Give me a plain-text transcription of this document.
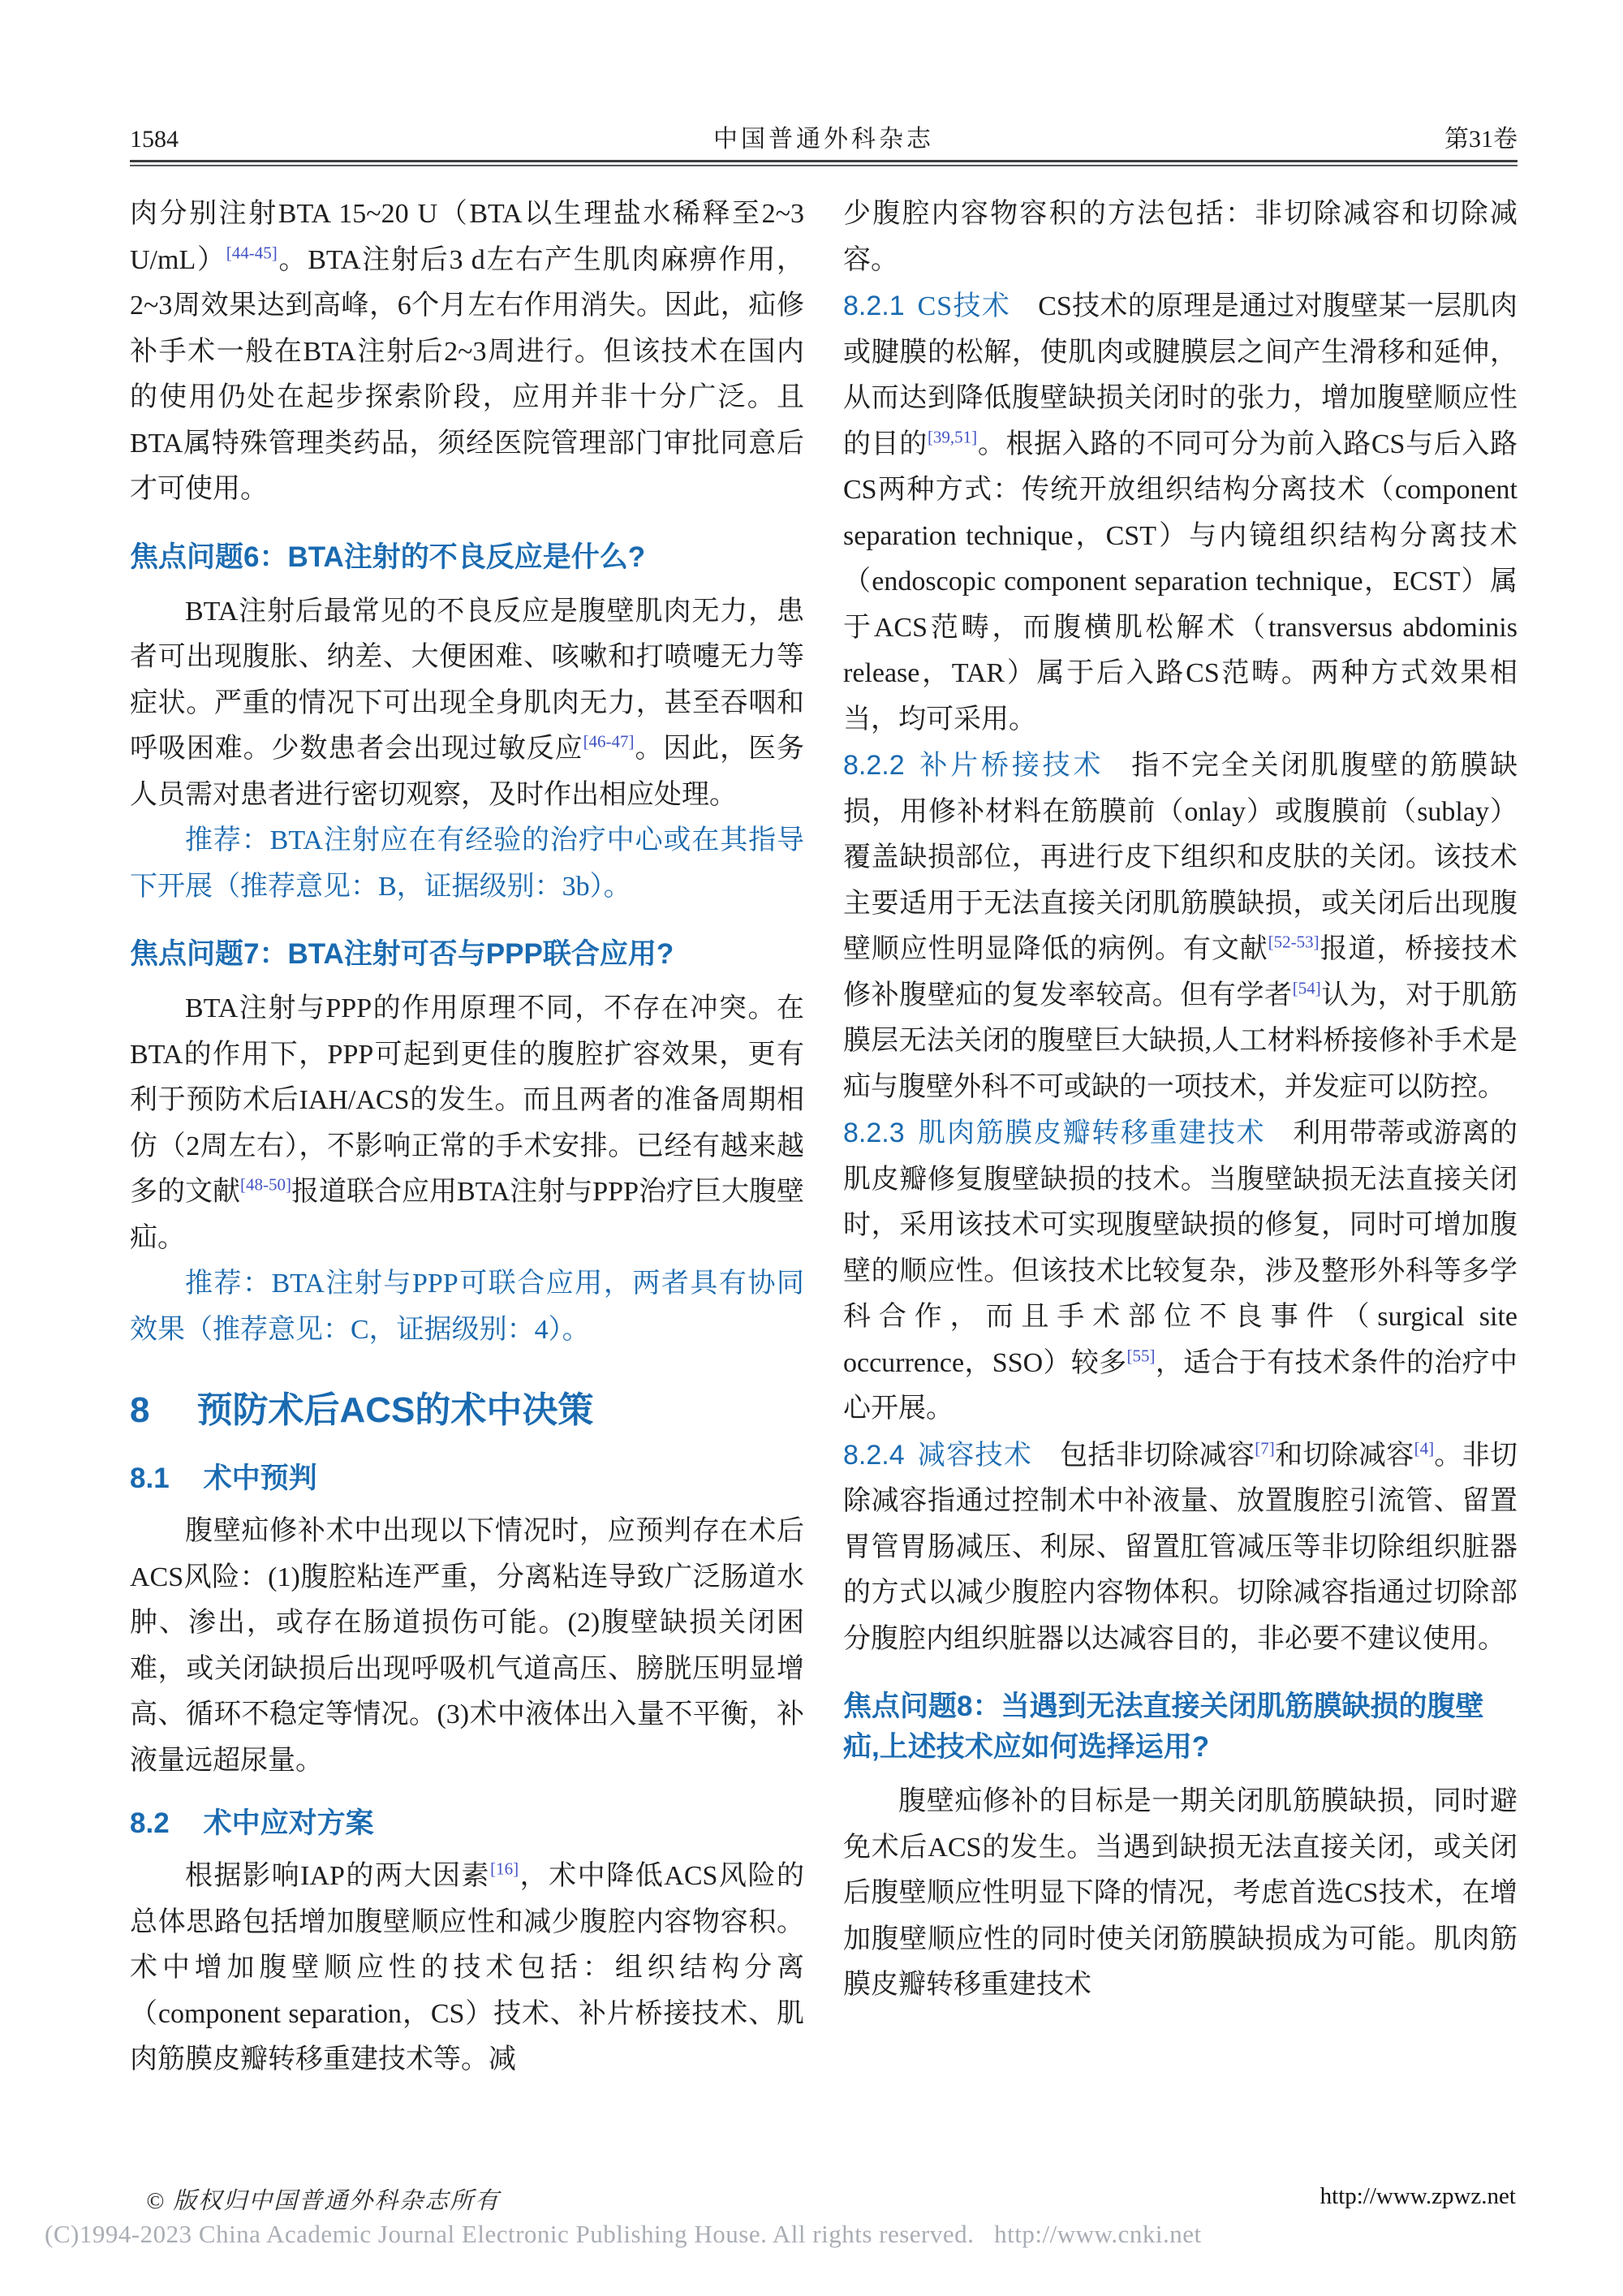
1584	中国普通外科杂志	第31卷

肉分别注射BTA 15~20 U（BTA以生理盐水稀释至2~3 U/mL）[44-45]。BTA注射后3 d左右产生肌肉麻痹作用，2~3周效果达到高峰，6个月左右作用消失。因此，疝修补手术一般在BTA注射后2~3周进行。但该技术在国内的使用仍处在起步探索阶段，应用并非十分广泛。且BTA属特殊管理类药品，须经医院管理部门审批同意后才可使用。

焦点问题6：BTA注射的不良反应是什么?

BTA注射后最常见的不良反应是腹壁肌肉无力，患者可出现腹胀、纳差、大便困难、咳嗽和打喷嚏无力等症状。严重的情况下可出现全身肌肉无力，甚至吞咽和呼吸困难。少数患者会出现过敏反应[46-47]。因此，医务人员需对患者进行密切观察，及时作出相应处理。

推荐：BTA注射应在有经验的治疗中心或在其指导下开展（推荐意见：B，证据级别：3b）。

焦点问题7：BTA注射可否与PPP联合应用?

BTA注射与PPP的作用原理不同，不存在冲突。在BTA的作用下，PPP可起到更佳的腹腔扩容效果，更有利于预防术后IAH/ACS的发生。而且两者的准备周期相仿（2周左右），不影响正常的手术安排。已经有越来越多的文献[48-50]报道联合应用BTA注射与PPP治疗巨大腹壁疝。

推荐：BTA注射与PPP可联合应用，两者具有协同效果（推荐意见：C，证据级别：4）。

8 预防术后ACS的术中决策
8.1 术中预判

腹壁疝修补术中出现以下情况时，应预判存在术后ACS风险：(1)腹腔粘连严重，分离粘连导致广泛肠道水肿、渗出，或存在肠道损伤可能。(2)腹壁缺损关闭困难，或关闭缺损后出现呼吸机气道高压、膀胱压明显增高、循环不稳定等情况。(3)术中液体出入量不平衡，补液量远超尿量。

8.2 术中应对方案

根据影响IAP的两大因素[16]，术中降低ACS风险的总体思路包括增加腹壁顺应性和减少腹腔内容物容积。术中增加腹壁顺应性的技术包括：组织结构分离（component separation，CS）技术、补片桥接技术、肌肉筋膜皮瓣转移重建技术等。减

少腹腔内容物容积的方法包括：非切除减容和切除减容。

8.2.1 CS技术 CS技术的原理是通过对腹壁某一层肌肉或腱膜的松解，使肌肉或腱膜层之间产生滑移和延伸，从而达到降低腹壁缺损关闭时的张力，增加腹壁顺应性的目的[39,51]。根据入路的不同可分为前入路CS与后入路CS两种方式：传统开放组织结构分离技术（component separation technique，CST）与内镜组织结构分离技术（endoscopic component separation technique，ECST）属于ACS范畴，而腹横肌松解术（transversus abdominis release，TAR）属于后入路CS范畴。两种方式效果相当，均可采用。

8.2.2 补片桥接技术 指不完全关闭肌腹壁的筋膜缺损，用修补材料在筋膜前（onlay）或腹膜前（sublay）覆盖缺损部位，再进行皮下组织和皮肤的关闭。该技术主要适用于无法直接关闭肌筋膜缺损，或关闭后出现腹壁顺应性明显降低的病例。有文献[52-53]报道，桥接技术修补腹壁疝的复发率较高。但有学者[54]认为，对于肌筋膜层无法关闭的腹壁巨大缺损,人工材料桥接修补手术是疝与腹壁外科不可或缺的一项技术，并发症可以防控。

8.2.3 肌肉筋膜皮瓣转移重建技术 利用带蒂或游离的肌皮瓣修复腹壁缺损的技术。当腹壁缺损无法直接关闭时，采用该技术可实现腹壁缺损的修复，同时可增加腹壁的顺应性。但该技术比较复杂，涉及整形外科等多学科合作，而且手术部位不良事件（surgical site occurrence，SSO）较多[55]，适合于有技术条件的治疗中心开展。

8.2.4 减容技术 包括非切除减容[7]和切除减容[4]。非切除减容指通过控制术中补液量、放置腹腔引流管、留置胃管胃肠减压、利尿、留置肛管减压等非切除组织脏器的方式以减少腹腔内容物体积。切除减容指通过切除部分腹腔内组织脏器以达减容目的，非必要不建议使用。

焦点问题8：当遇到无法直接关闭肌筋膜缺损的腹壁疝,上述技术应如何选择运用?

腹壁疝修补的目标是一期关闭肌筋膜缺损，同时避免术后ACS的发生。当遇到缺损无法直接关闭，或关闭后腹壁顺应性明显下降的情况，考虑首选CS技术，在增加腹壁顺应性的同时使关闭筋膜缺损成为可能。肌肉筋膜皮瓣转移重建技术

© 版权归中国普通外科杂志所有	http://www.zpwz.net
(C)1994-2023 China Academic Journal Electronic Publishing House. All rights reserved.   http://www.cnki.net
